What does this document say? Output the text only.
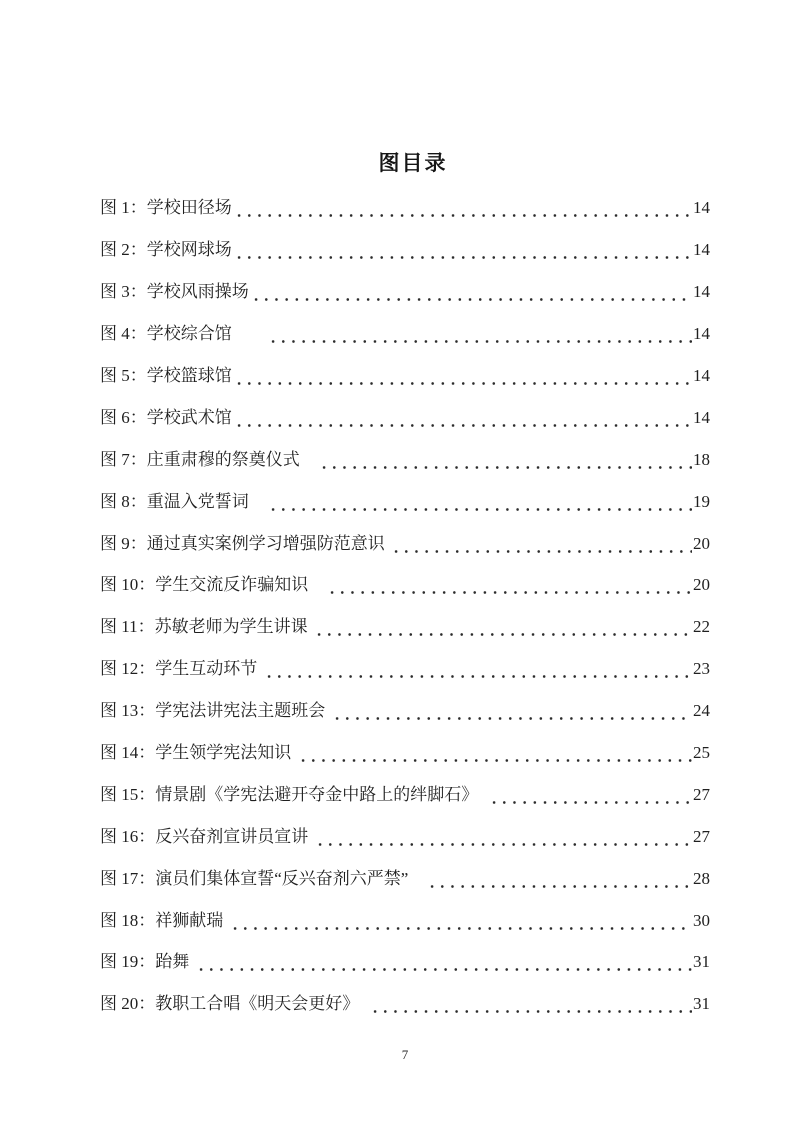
图目录
图 1：学校田径场	14
图 2：学校网球场	14
图 3：学校风雨操场	14
图 4：学校综合馆　　	14
图 5：学校篮球馆	14
图 6：学校武术馆	14
图 7：庄重肃穆的祭奠仪式　	18
图 8：重温入党誓词　	19
图 9：通过真实案例学习增强防范意识	20
图 10：学生交流反诈骗知识　	20
图 11：苏敏老师为学生讲课	22
图 12：学生互动环节	23
图 13：学宪法讲宪法主题班会	24
图 14：学生领学宪法知识	25
图 15：情景剧《学宪法避开夺金中路上的绊脚石》　	27
图 16：反兴奋剂宣讲员宣讲	27
图 17：演员们集体宣誓“反兴奋剂六严禁”　	28
图 18：祥狮献瑞	30
图 19：跆舞	31
图 20：教职工合唱《明天会更好》　	31
7
